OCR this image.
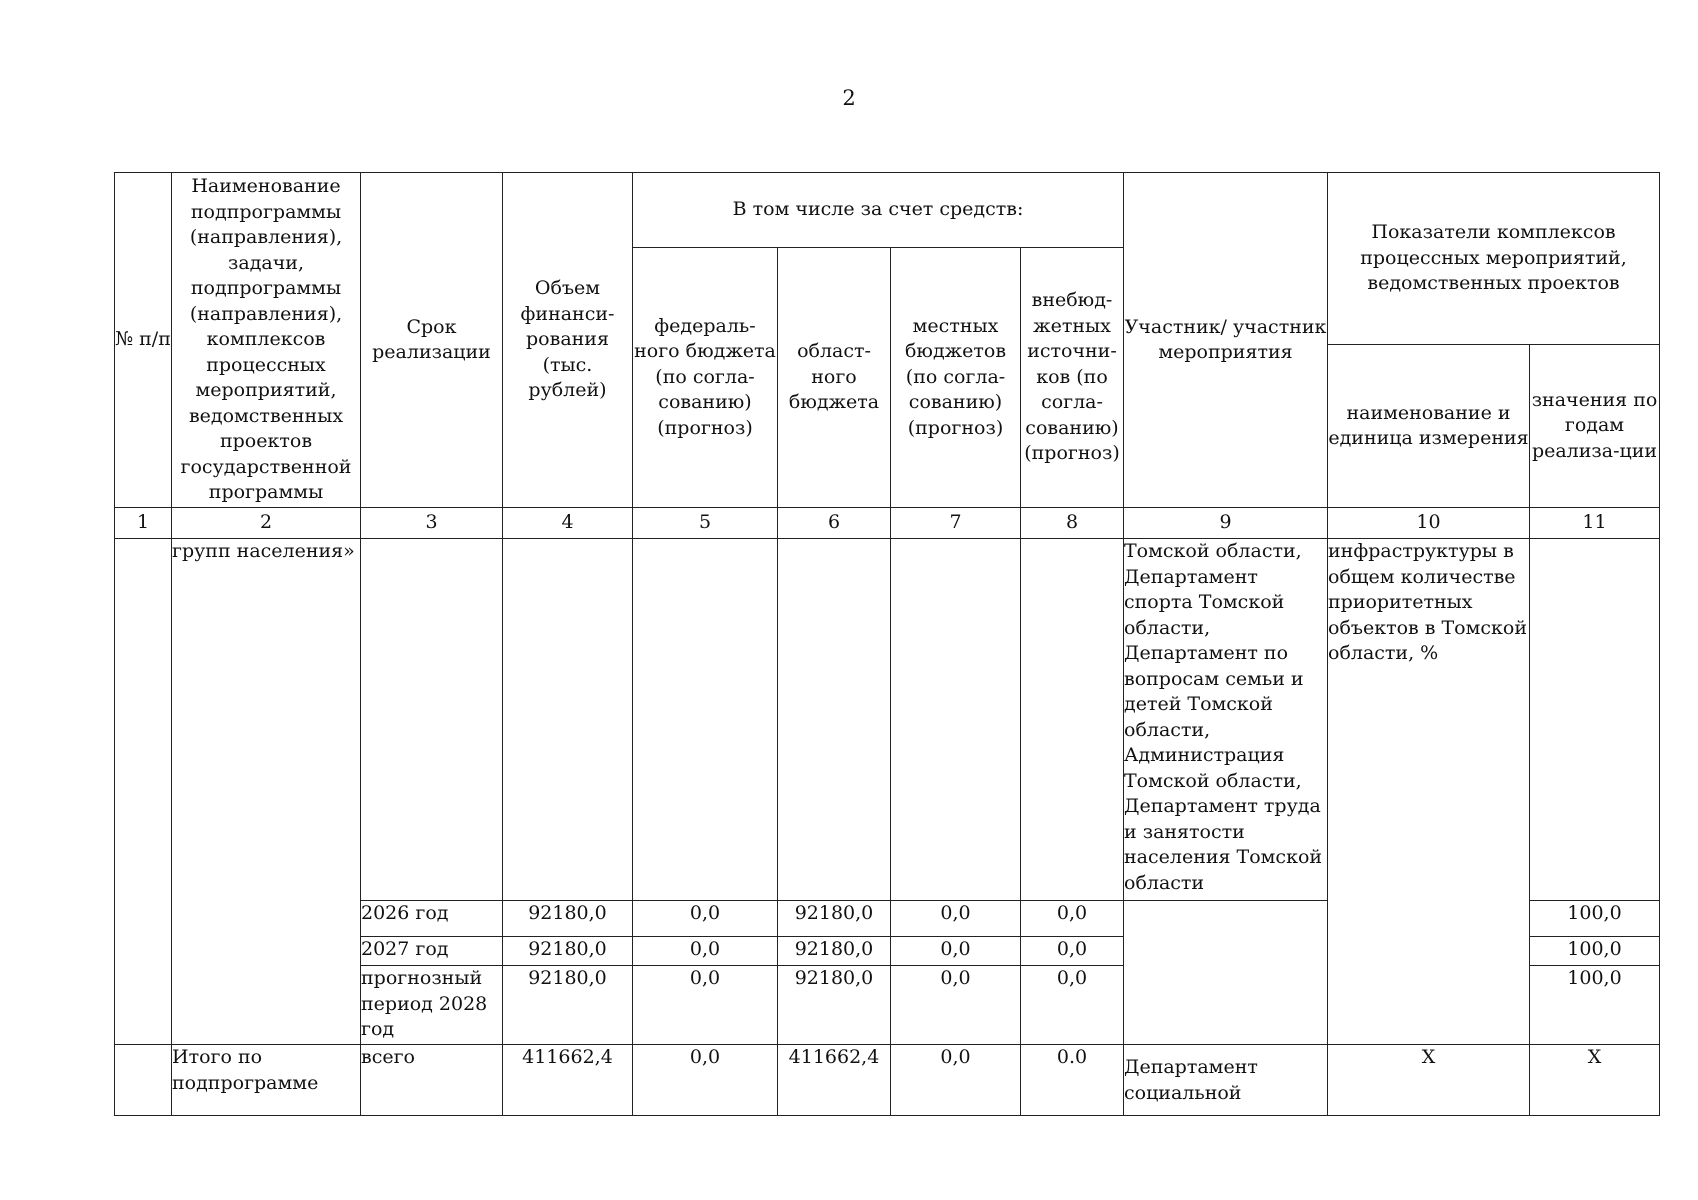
2
№ п/п	Наименование подпрограммы (направления), задачи, подпрограммы (направления), комплексов процессных мероприятий, ведомственных проектов государственной программы	Срок реализации	Объем финанси-рования (тыс. рублей)	В том числе за счет средств:				Участник/ участник мероприятия	Показатели комплексов процессных мероприятий, ведомственных проектов	
				федераль-ного бюджета (по согла-сованию) (прогноз)	област-ного бюджета	местных бюджетов (по согла-сованию) (прогноз)	внебюд-жетных источни-ков (по согла-сованию) (прогноз)			
									наименование и единица измерения	значения по годам реализа-ции
1	2	3	4	5	6	7	8	9	10	11
	групп населения»							Томской области, Департамент спорта Томской области, Департамент по вопросам семьи и детей Томской области, Администрация Томской области, Департамент труда и занятости населения Томской области	инфраструктуры в общем количестве приоритетных объектов в Томской области, %	
		2026 год	92180,0	0,0	92180,0	0,0	0,0			100,0
		2027 год	92180,0	0,0	92180,0	0,0	0,0			100,0
		прогнозный период 2028 год	92180,0	0,0	92180,0	0,0	0,0			100,0
	Итого по подпрограмме	всего	411662,4	0,0	411662,4	0,0	0.0	Департамент социальной	X	X
